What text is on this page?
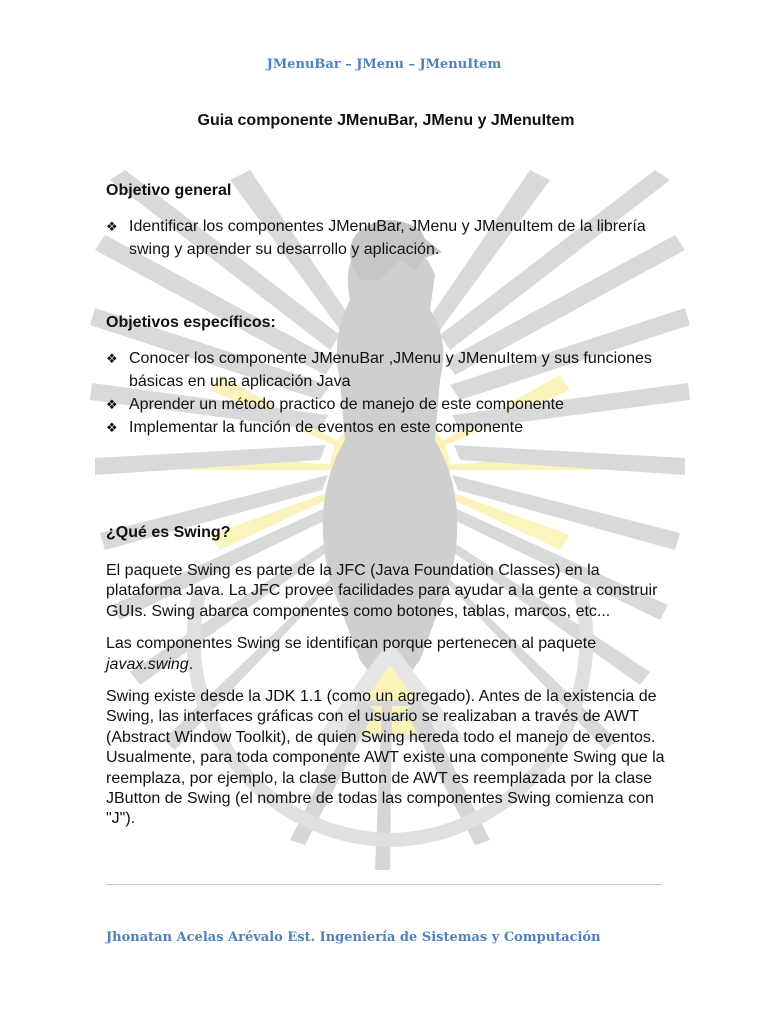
JMenuBar – JMenu – JMenuItem
Guia componente JMenuBar, JMenu y JMenuItem
Objetivo general
❖ Identificar los componentes JMenuBar, JMenu y JMenuItem de la librería swing y aprender su desarrollo y aplicación.
Objetivos específicos:
❖ Conocer los componente JMenuBar ,JMenu y JMenuItem y sus funciones básicas en una aplicación Java
❖ Aprender un método practico de manejo de este componente
❖ Implementar la función de eventos en este componente
¿Qué es Swing?

El paquete Swing es parte de la JFC (Java Foundation Classes) en la plataforma Java. La JFC provee facilidades para ayudar a la gente a construir GUIs. Swing abarca componentes como botones, tablas, marcos, etc...

Las componentes Swing se identifican porque pertenecen al paquete javax.swing.

Swing existe desde la JDK 1.1 (como un agregado). Antes de la existencia de Swing, las interfaces gráficas con el usuario se realizaban a través de AWT (Abstract Window Toolkit), de quien Swing hereda todo el manejo de eventos. Usualmente, para toda componente AWT existe una componente Swing que la reemplaza, por ejemplo, la clase Button de AWT es reemplazada por la clase JButton de Swing (el nombre de todas las componentes Swing comienza con "J").

Jhonatan Acelas Arévalo Est. Ingeniería de Sistemas y Computación
